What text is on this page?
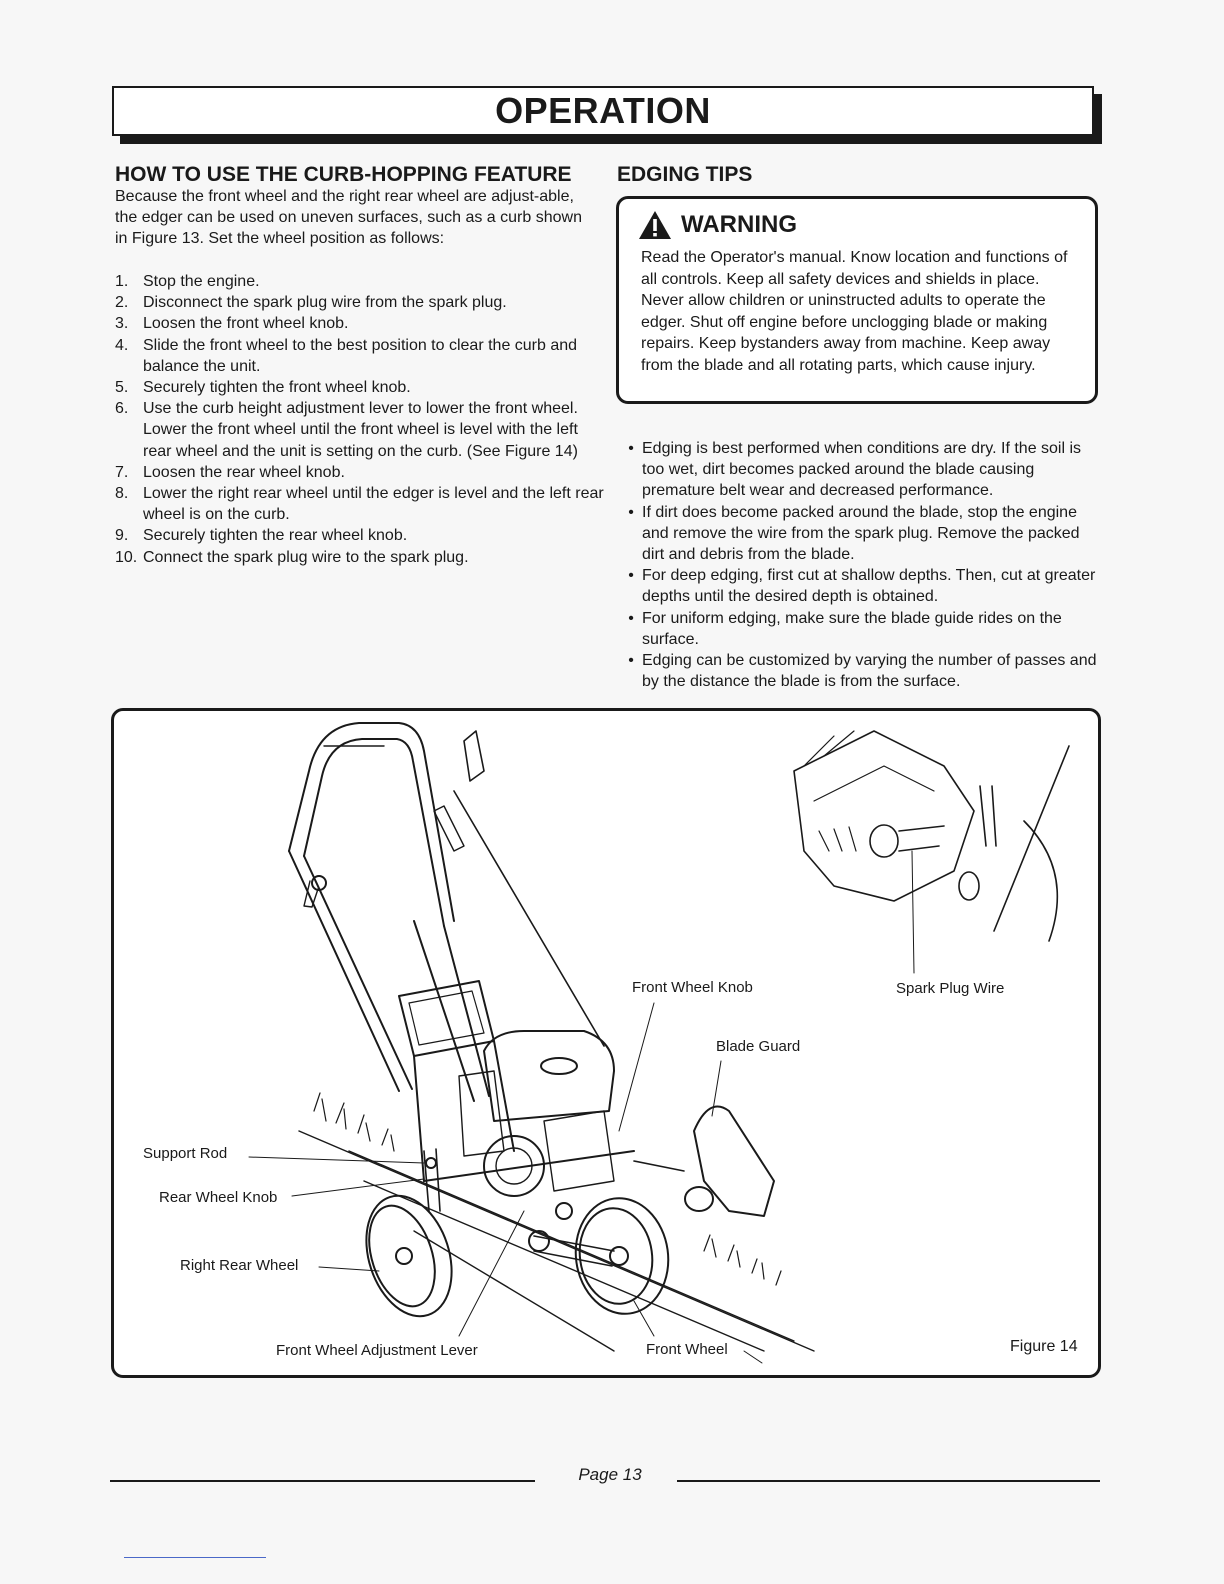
OPERATION
HOW TO USE THE CURB-HOPPING FEATURE

Because the front wheel and the right rear wheel are adjust-able, the edger can be used on uneven surfaces, such as a curb shown in Figure 13. Set the wheel position as follows:

1. Stop the engine.
2. Disconnect the spark plug wire from the spark plug.
3. Loosen the front wheel knob.
4. Slide the front wheel to the best position to clear the curb and balance the unit.
5. Securely tighten the front wheel knob.
6. Use the curb height adjustment lever to lower the front wheel. Lower the front wheel until the front wheel is level with the left rear wheel and the unit is setting on the curb. (See Figure 14)
7. Loosen the rear wheel knob.
8. Lower the right rear wheel until the edger is level and the left rear wheel is on the curb.
9. Securely tighten the rear wheel knob.
10. Connect the spark plug wire to the spark plug.
EDGING TIPS
WARNING

Read the Operator's manual. Know location and functions of all controls. Keep all safety devices and shields in place. Never allow children or uninstructed adults to operate the edger. Shut off engine before unclogging blade or making repairs. Keep bystanders away from machine. Keep away from the blade and all rotating parts, which cause injury.

• Edging is best performed when conditions are dry. If the soil is too wet, dirt becomes packed around the blade causing premature belt wear and decreased performance.
• If dirt does become packed around the blade, stop the engine and remove the wire from the spark plug. Remove the packed dirt and debris from the blade.
• For deep edging, first cut at shallow depths. Then, cut at greater depths until the desired depth is obtained.
• For uniform edging, make sure the blade guide rides on the surface.
• Edging can be customized by varying the number of passes and by the distance the blade is from the surface.
Front Wheel Knob	Spark Plug Wire
Blade Guard
Support Rod
Rear Wheel Knob
Right Rear Wheel
Front Wheel Adjustment Lever	Front Wheel	Figure 14
Page 13
